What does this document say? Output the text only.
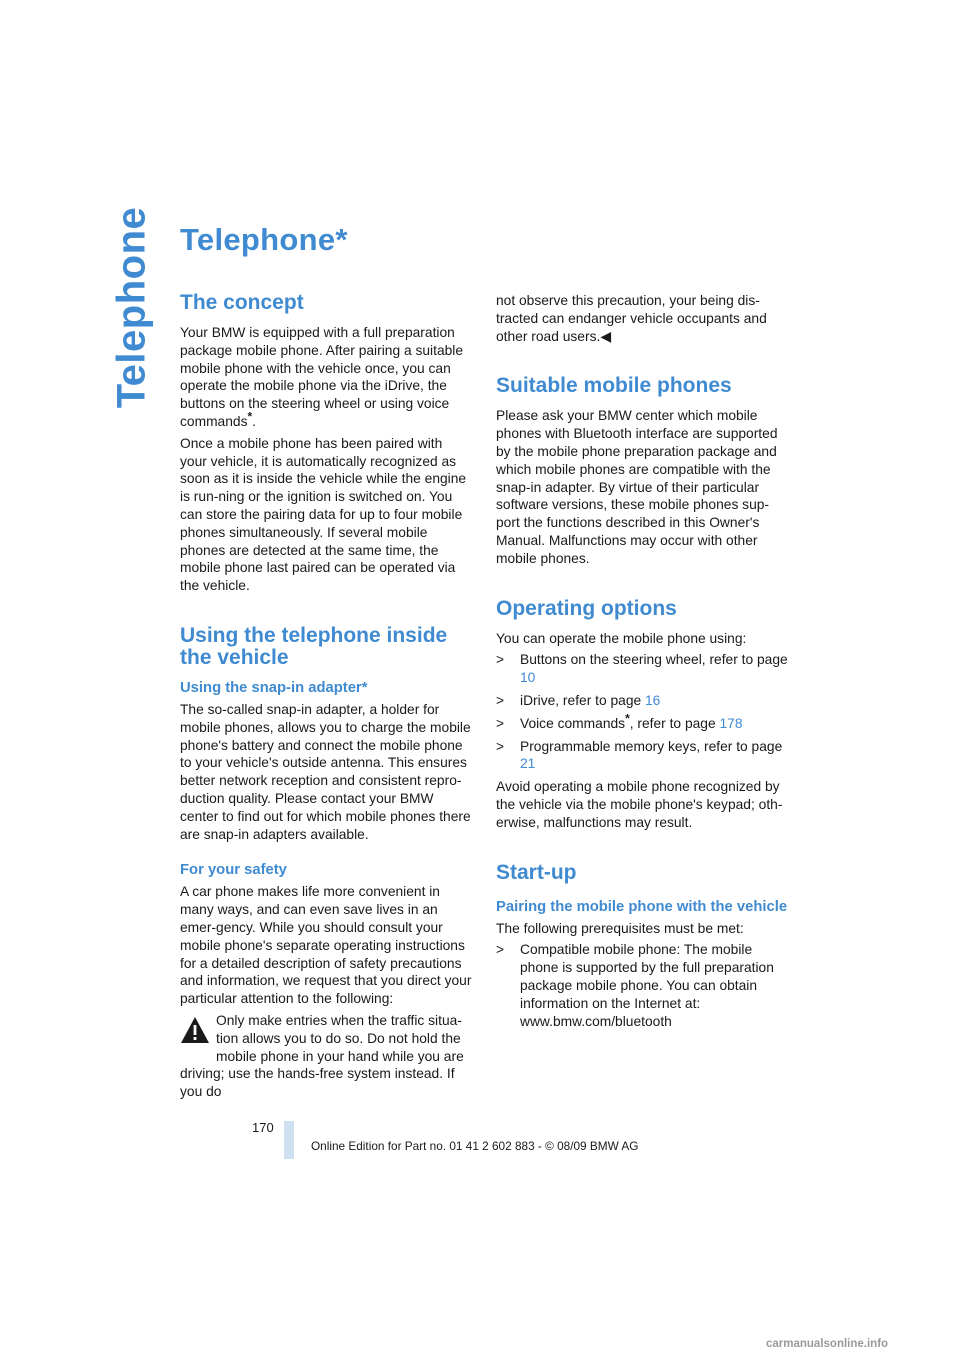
Telephone Telephone*
The concept

Your BMW is equipped with a full preparation package mobile phone. After pairing a suitable mobile phone with the vehicle once, you can operate the mobile phone via the iDrive, the buttons on the steering wheel or using voice commands*.

Once a mobile phone has been paired with your vehicle, it is automatically recognized as soon as it is inside the vehicle while the engine is run-ning or the ignition is switched on. You can store the pairing data for up to four mobile phones simultaneously. If several mobile phones are detected at the same time, the mobile phone last paired can be operated via the vehicle.

Using the telephone inside the vehicle
Using the snap-in adapter*

The so-called snap-in adapter, a holder for mobile phones, allows you to charge the mobile phone's battery and connect the mobile phone to your vehicle's outside antenna. This ensures better network reception and consistent repro-duction quality. Please contact your BMW center to find out for which mobile phones there are snap-in adapters available.

For your safety

A car phone makes life more convenient in many ways, and can even save lives in an emer-gency. While you should consult your mobile phone's separate operating instructions for a detailed description of safety precautions and information, we request that you direct your particular attention to the following:

Only make entries when the traffic situa-tion allows you to do so. Do not hold the mobile phone in your hand while you are driving; use the hands-free system instead. If you do

not observe this precaution, your being dis-tracted can endanger vehicle occupants and other road users.◀

Suitable mobile phones

Please ask your BMW center which mobile phones with Bluetooth interface are supported by the mobile phone preparation package and which mobile phones are compatible with the snap-in adapter. By virtue of their particular software versions, these mobile phones sup-port the functions described in this Owner's Manual. Malfunctions may occur with other mobile phones.

Operating options

You can operate the mobile phone using:

>	Buttons on the steering wheel, refer to page 10
>	iDrive, refer to page 16
>	Voice commands*, refer to page 178
>	Programmable memory keys, refer to page 21

Avoid operating a mobile phone recognized by the vehicle via the mobile phone's keypad; oth-erwise, malfunctions may result.

Start-up
Pairing the mobile phone with the vehicle

The following prerequisites must be met:

>	Compatible mobile phone: The mobile phone is supported by the full preparation package mobile phone. You can obtain information on the Internet at: www.bmw.com/bluetooth
170
Online Edition for Part no. 01 41 2 602 883 - © 08/09 BMW AG
carmanualsonline.info
